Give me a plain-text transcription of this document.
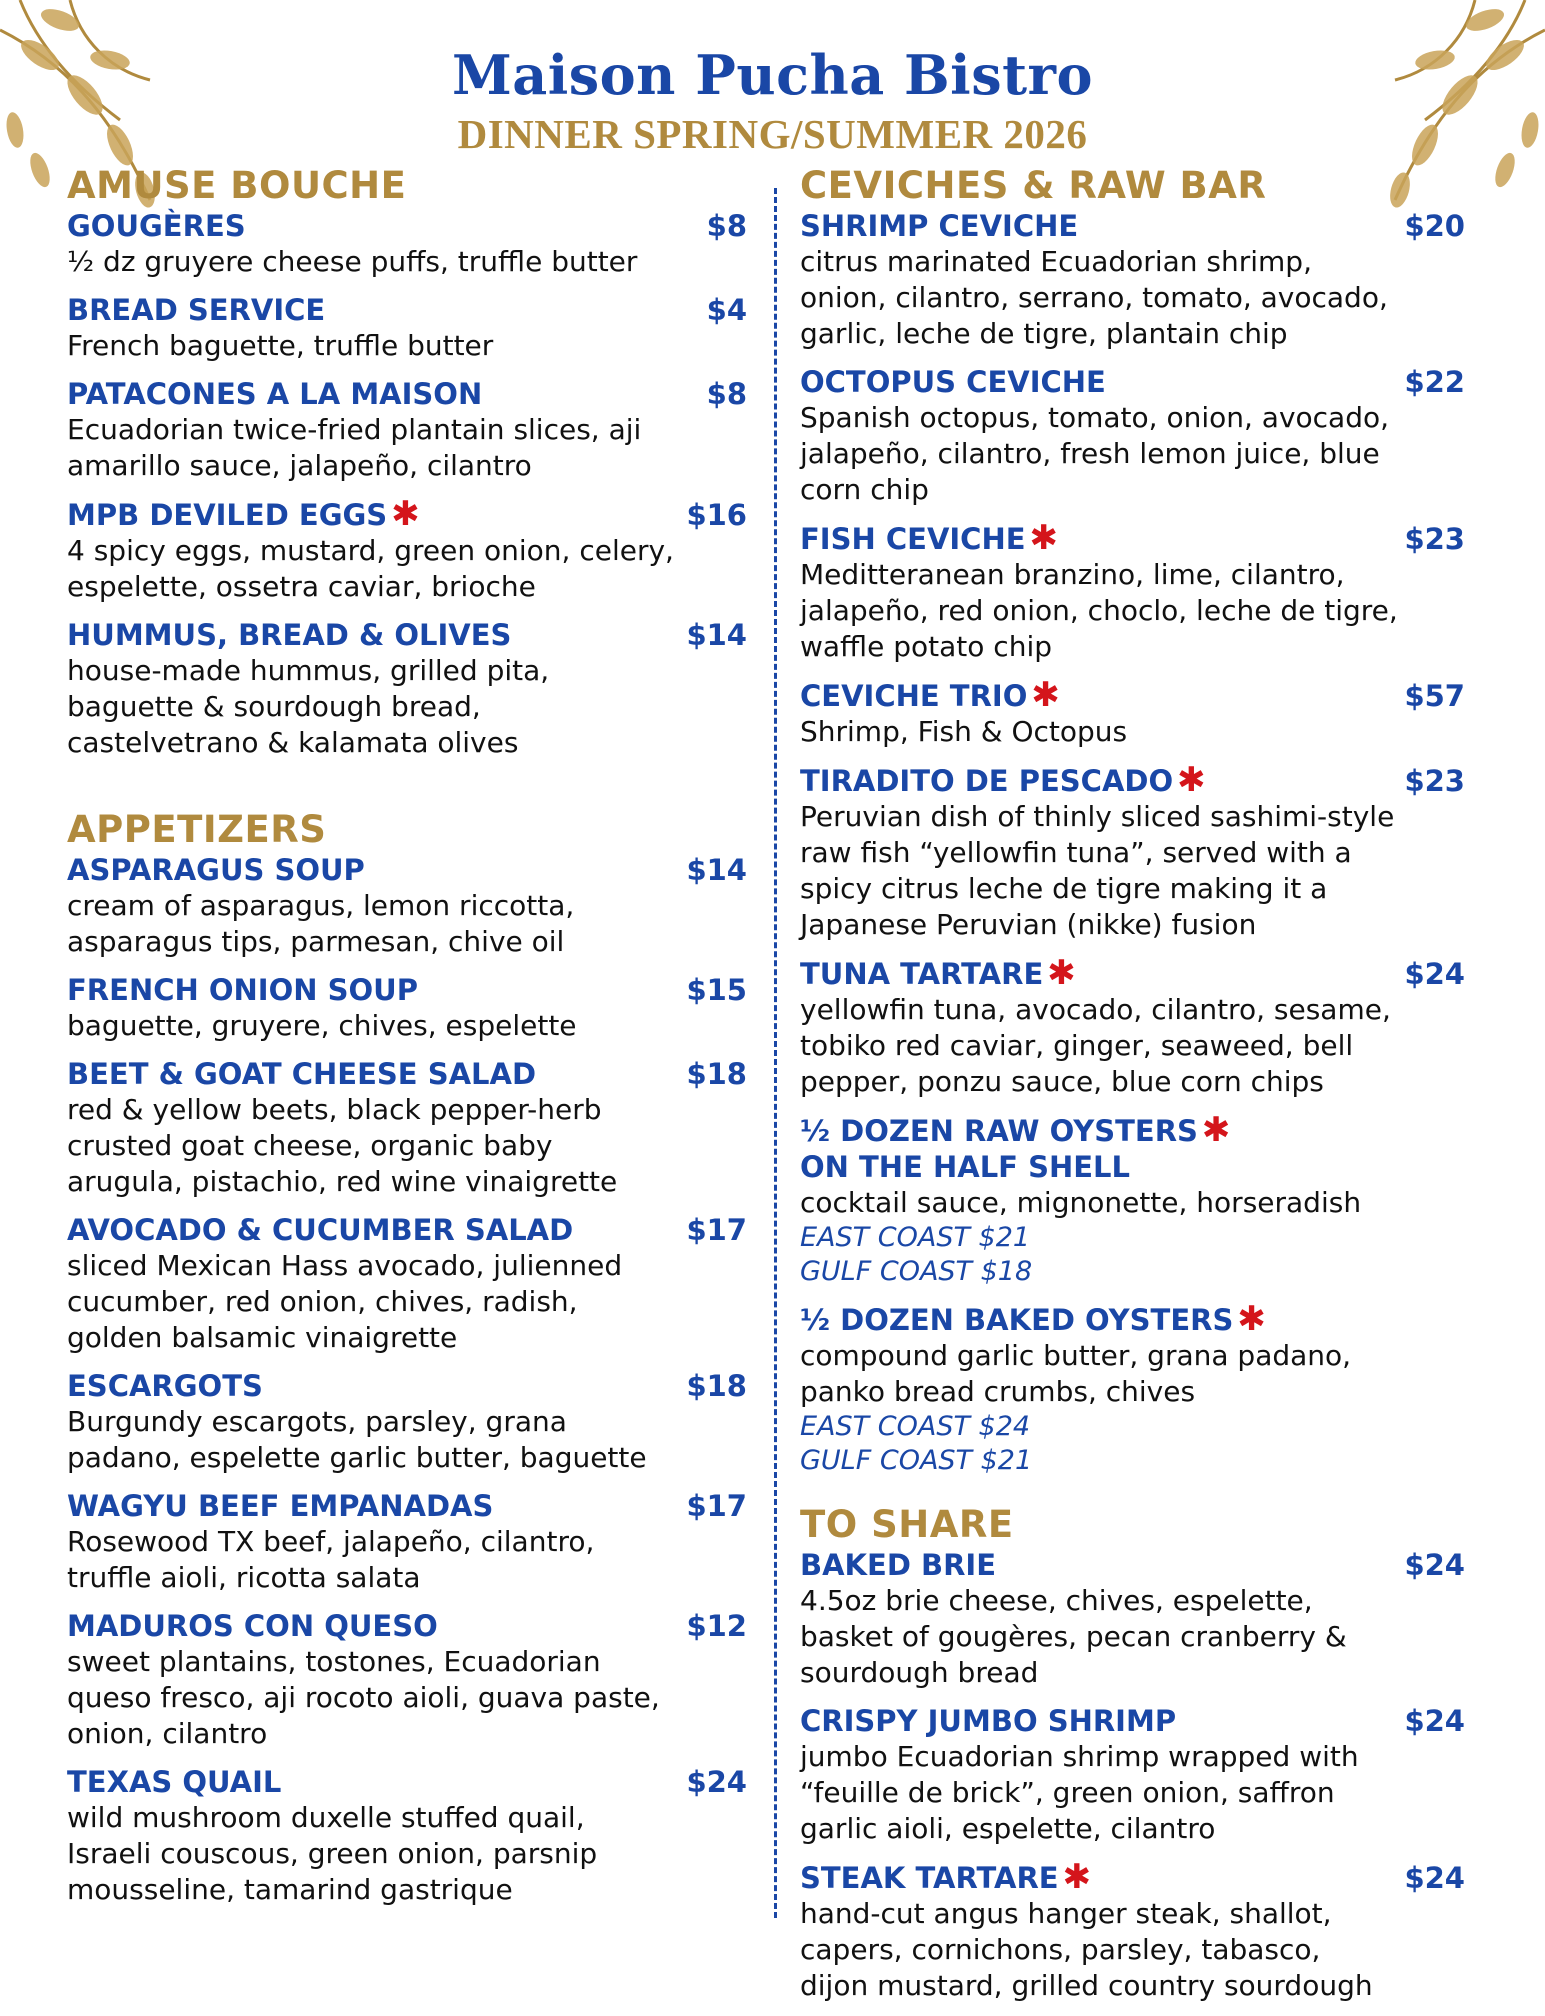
Maison Pucha Bistro
DINNER SPRING/SUMMER 2026
AMUSE BOUCHE
GOUGÈRES	$8
½ dz gruyere cheese puffs, truffle butter
BREAD SERVICE	$4
French baguette, truffle butter
PATACONES A LA MAISON	$8
Ecuadorian twice-fried plantain slices, aji
amarillo sauce, jalapeño, cilantro
MPB DEVILED EGGS ✱	$16
4 spicy eggs, mustard, green onion, celery,
espelette, ossetra caviar, brioche
HUMMUS, BREAD & OLIVES	$14
house-made hummus, grilled pita,
baguette & sourdough bread,
castelvetrano & kalamata olives
APPETIZERS
ASPARAGUS SOUP	$14
cream of asparagus, lemon riccotta,
asparagus tips, parmesan, chive oil
FRENCH ONION SOUP	$15
baguette, gruyere, chives, espelette
BEET & GOAT CHEESE SALAD	$18
red & yellow beets, black pepper-herb
crusted goat cheese, organic baby
arugula, pistachio, red wine vinaigrette
AVOCADO & CUCUMBER SALAD	$17
sliced Mexican Hass avocado, julienned
cucumber, red onion, chives, radish,
golden balsamic vinaigrette
ESCARGOTS	$18
Burgundy escargots, parsley, grana
padano, espelette garlic butter, baguette
WAGYU BEEF EMPANADAS	$17
Rosewood TX beef, jalapeño, cilantro,
truffle aioli, ricotta salata
MADUROS CON QUESO	$12
sweet plantains, tostones, Ecuadorian
queso fresco, aji rocoto aioli, guava paste,
onion, cilantro
TEXAS QUAIL	$24
wild mushroom duxelle stuffed quail,
Israeli couscous, green onion, parsnip
mousseline, tamarind gastrique
CEVICHES & RAW BAR
SHRIMP CEVICHE	$20
citrus marinated Ecuadorian shrimp,
onion, cilantro, serrano, tomato, avocado,
garlic, leche de tigre, plantain chip
OCTOPUS CEVICHE	$22
Spanish octopus, tomato, onion, avocado,
jalapeño, cilantro, fresh lemon juice, blue
corn chip
FISH CEVICHE ✱	$23
Meditteranean branzino, lime, cilantro,
jalapeño, red onion, choclo, leche de tigre,
waffle potato chip
CEVICHE TRIO ✱	$57
Shrimp, Fish & Octopus
TIRADITO DE PESCADO ✱	$23
Peruvian dish of thinly sliced sashimi-style
raw fish “yellowfin tuna”, served with a
spicy citrus leche de tigre making it a
Japanese Peruvian (nikke) fusion
TUNA TARTARE ✱	$24
yellowfin tuna, avocado, cilantro, sesame,
tobiko red caviar, ginger, seaweed, bell
pepper, ponzu sauce, blue corn chips
½ DOZEN RAW OYSTERS ✱
ON THE HALF SHELL
cocktail sauce, mignonette, horseradish
EAST COAST $21
GULF COAST $18
½ DOZEN BAKED OYSTERS ✱
compound garlic butter, grana padano,
panko bread crumbs, chives
EAST COAST $24
GULF COAST $21
TO SHARE
BAKED BRIE	$24
4.5oz brie cheese, chives, espelette,
basket of gougères, pecan cranberry &
sourdough bread
CRISPY JUMBO SHRIMP	$24
jumbo Ecuadorian shrimp wrapped with
“feuille de brick”, green onion, saffron
garlic aioli, espelette, cilantro
STEAK TARTARE ✱	$24
hand-cut angus hanger steak, shallot,
capers, cornichons, parsley, tabasco,
dijon mustard, grilled country sourdough
